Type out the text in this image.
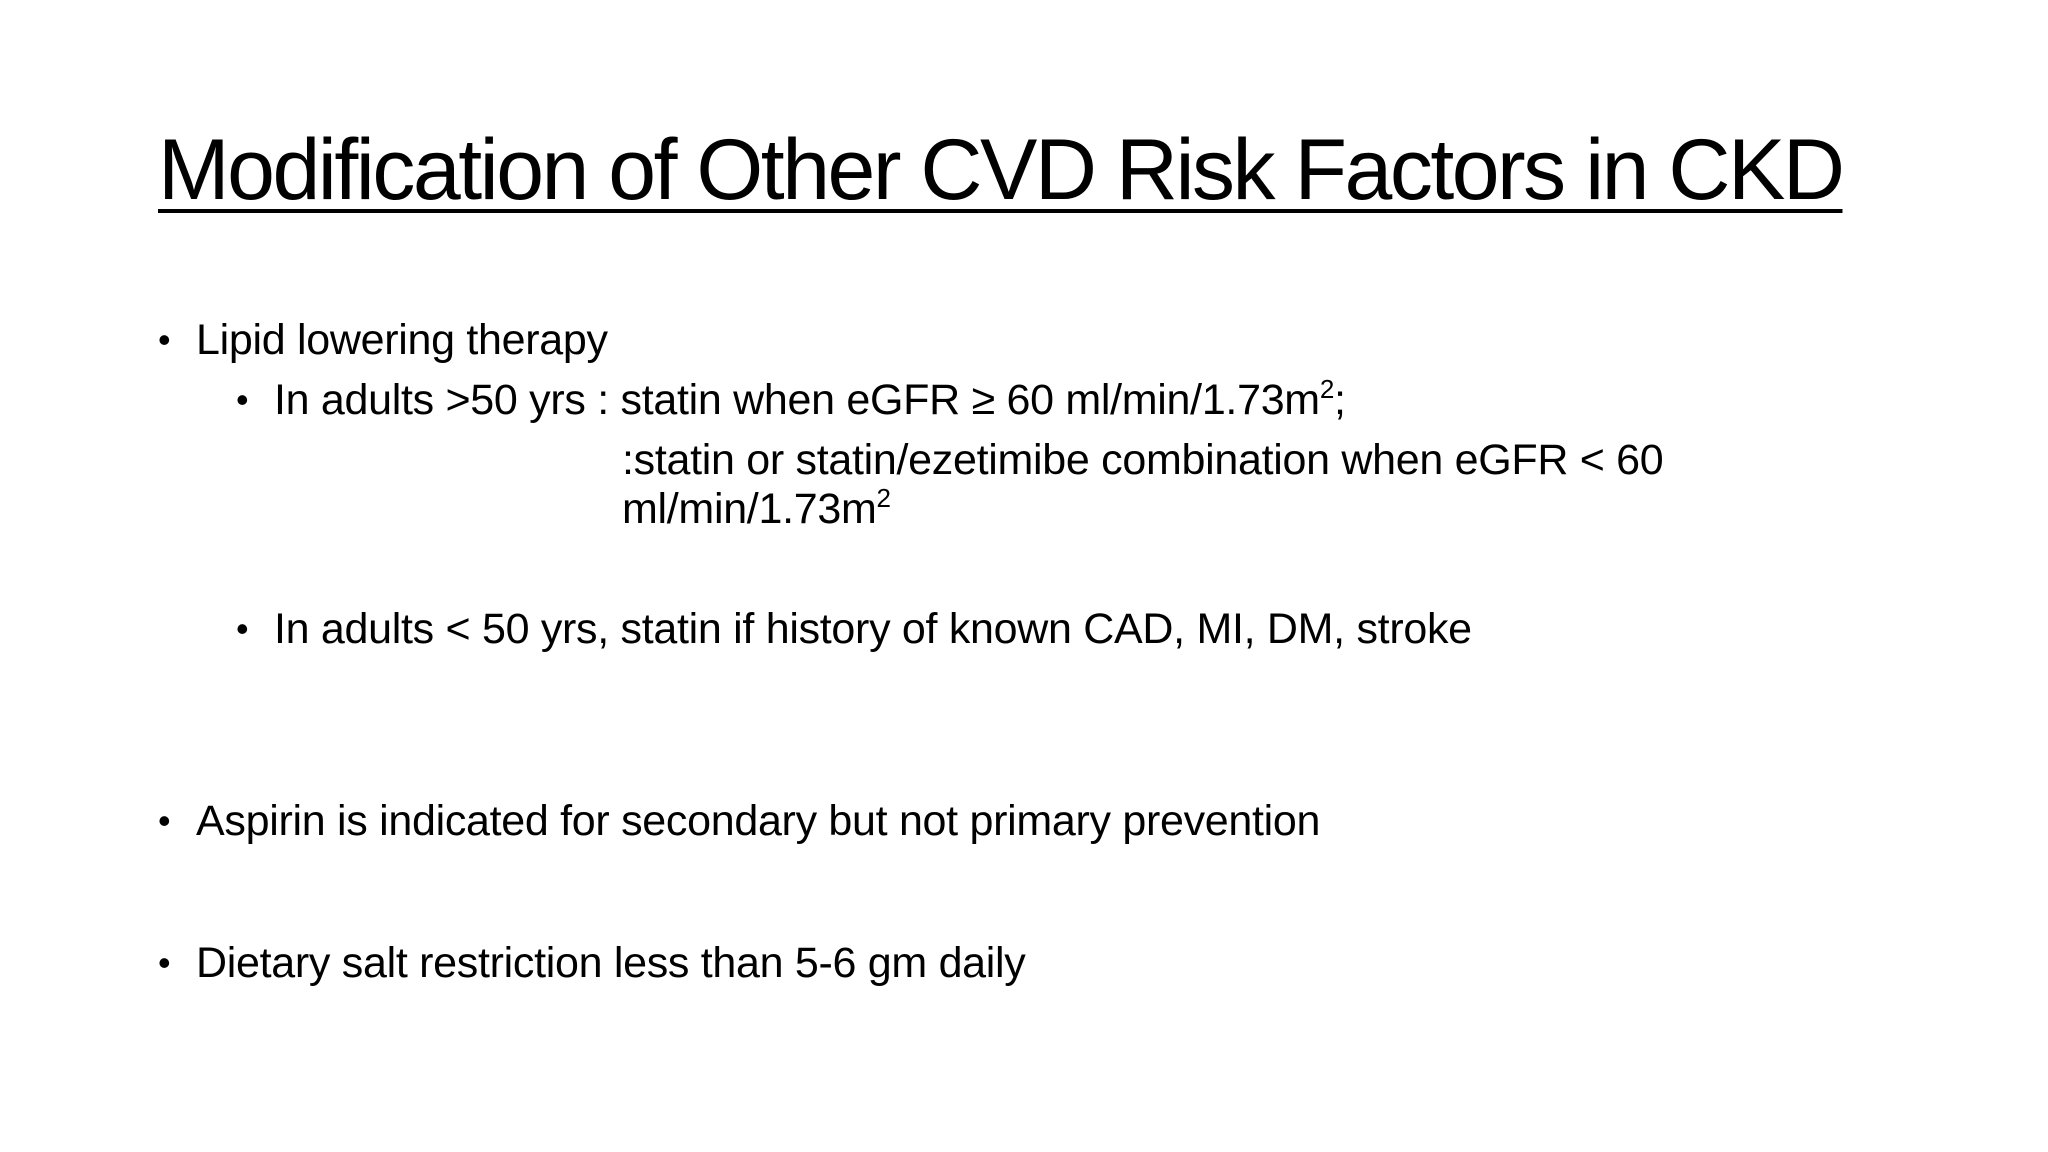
Modification of Other CVD Risk Factors in CKD
• Lipid lowering therapy
• In adults >50 yrs : statin when eGFR ≥ 60 $ml/\min/1.73m^2$;
:statin or statin/ezetimibe combination when eGFR < 60
$ml/\min/1.73m^2$
• In adults < 50 yrs, statin if history of known CAD, MI, DM, stroke
• Aspirin is indicated for secondary but not primary prevention
• Dietary salt restriction less than 5-6 gm daily
